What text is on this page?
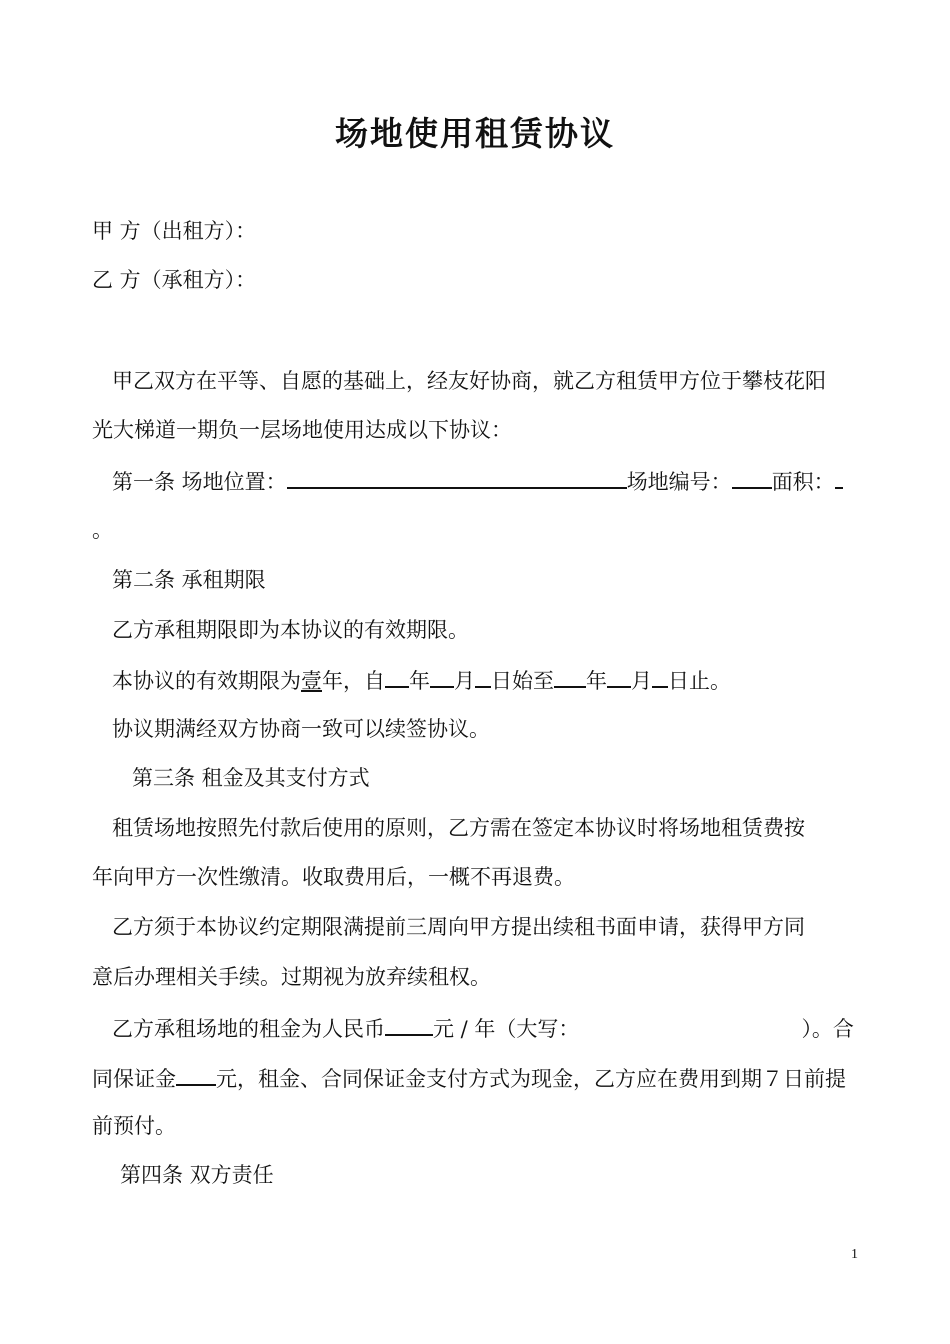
场地使用租赁协议
甲 方（出租方）：
乙 方（承租方）：
甲乙双方在平等、自愿的基础上，经友好协商，就乙方租赁甲方位于攀枝花阳
光大梯道一期负一层场地使用达成以下协议：
第一条 场地位置：	场地编号： 面积：
。
第二条 承租期限
乙方承租期限即为本协议的有效期限。
本协议的有效期限为壹年，自 年 月 日始至 年 月 日止。
协议期满经双方协商一致可以续签协议。
第三条 租金及其支付方式
租赁场地按照先付款后使用的原则，乙方需在签定本协议时将场地租赁费按
年向甲方一次性缴清。收取费用后，一概不再退费。
乙方须于本协议约定期限满提前三周向甲方提出续租书面申请，获得甲方同
意后办理相关手续。过期视为放弃续租权。
乙方承租场地的租金为人民币 元 / 年（大写：	）。合
同保证金 元，租金、合同保证金支付方式为现金，乙方应在费用到期７日前提
前预付。
第四条 双方责任
1
